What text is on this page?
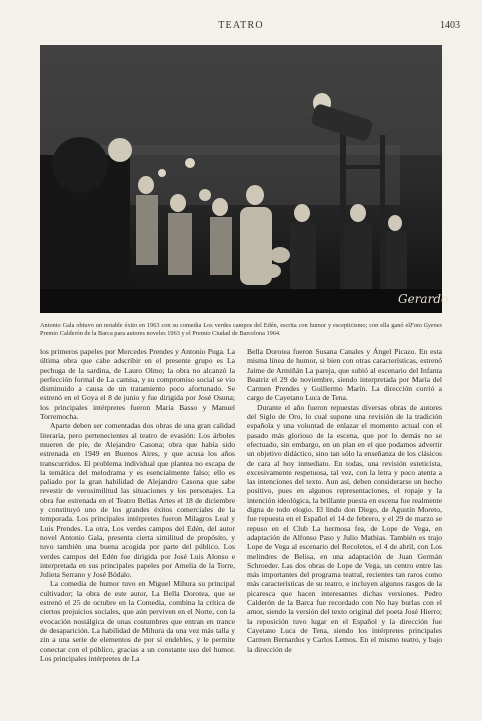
TEATRO	1403
Gerardo
Foto Gyenes
Antonio Gala obtuvo un notable éxito en 1963 con su comedia Los verdes campos del Edén, escrita con humor y escepticismo; con ella ganó el Premio Calderón de la Barca para autores noveles 1963 y el Premio Ciudad de Barcelona 1964.

los primeros papeles por Mercedes Prendes y Antonio Puga. La última obra que cabe adscribir en el presente grupo es La pechuga de la sardina, de Lauro Olmo; la obra no alcanzó la perfección formal de La camisa, y su compromiso social se vio disminuido a causa de un tratamiento poco afortunado. Se estrenó en el Goya el 8 de junio y fue dirigida por José Osuna; los principales intérpretes fueron María Basso y Manuel Torremocha.

Aparte deben ser comentadas dos obras de una gran calidad literaria, pero pertenecientes al teatro de evasión: Los árboles mueren de pie, de Alejandro Casona; obra que había sido estrenada en 1949 en Buenos Aires, y que acusa los años transcurridos. El problema individual que plantea no escapa de la temática del melodrama y es esencialmente falso; ello es paliado por la gran habilidad de Alejandro Casona que sabe revestir de verosimilitud las situaciones y los personajes. La obra fue estrenada en el Teatro Bellas Artes el 18 de diciembre y constituyó uno de los grandes éxitos comerciales de la temporada. Los principales intérpretes fueron Milagros Leal y Luis Prendes. La otra, Los verdes campos del Edén, del autor novel Antonio Gala, presenta cierta similitud de propósito, y tuvo también una buena acogida por parte del público. Los verdes campos del Edén fue dirigida por José Luis Alonso e interpretada en sus principales papeles por Amelia de la Torre, Julieta Serrano y José Bódalo.

La comedia de humor tuvo en Miguel Mihura su principal cultivador; la obra de este autor, La Bella Dorotea, que se estrenó el 25 de octubre en la Comedia, combina la crítica de ciertos prejuicios sociales, que aún perviven en el Norte, con la evocación nostálgica de unas costumbres que entran en trance de desaparición. La habilidad de Mihura da una vez más talla y zin a una serie de elementos de por sí endebles, y le permite conectar con el público, gracias a un constante uso del humor. Los principales intérpretes de La

Bella Dorotea fueron Susana Canales y Ángel Picazo. En esta misma línea de humor, si bien con otras características, estrenó Jaime de Armiñán La pareja, que subió al escenario del Infanta Beatriz el 29 de noviembre, siendo interpretada por María del Carmen Prendes y Guillermo Marín. La dirección corrió a cargo de Cayetano Luca de Tena.

Durante el año fueron repuestas diversas obras de autores del Siglo de Oro, lo cual supone una revisión de la tradición española y una voluntad de enlazar el momento actual con el pasado más glorioso de la escena, que por lo demás no se efectuado, sin embargo, en un plan en el que podamos advertir un objetivo didáctico, sino tan sólo la enseñanza de los clásicos de cara al hoy inmediato. En todas, una revisión esteticista, excesivamente respetuosa, tal vez, con la letra y poco atenta a las intenciones del texto. Aun así, deben considerarse un hecho positivo, pues en algunos representaciones, el ropaje y la intención ideológica, la brillante puesta en escena fue realmente digna de todo elogio. El lindo don Diego, de Agustín Moreto, fue repuesta en el Español el 14 de febrero, y el 29 de marzo se repuso en el Club La hermosa fea, de Lope de Vega, en adaptación de Alfonso Paso y Julio Mathias. También es trajo Lope de Vega al escenario del Recoletos, el 4 de abril, con Los melindres de Belisa, en una adaptación de Juan Germán Schroeder. Las dos obras de Lope de Vega, un centro entre las más importantes del programa teatral, recientes tan raros como más características de su teatro, e incluyen algunos rasgos de la picaresca que hacen interesantes dichas versiones. Pedro Calderón de la Barca fue recordado con No hay burlas con el amor, siendo la versión del texto original del poeta José Hierro; la reposición tuvo lugar en el Español y la dirección fue Cayetano Luca de Tena, siendo los intérpretes principales Carmen Bernardos y Carlos Lemos. En el mismo teatro, y bajo la dirección de
